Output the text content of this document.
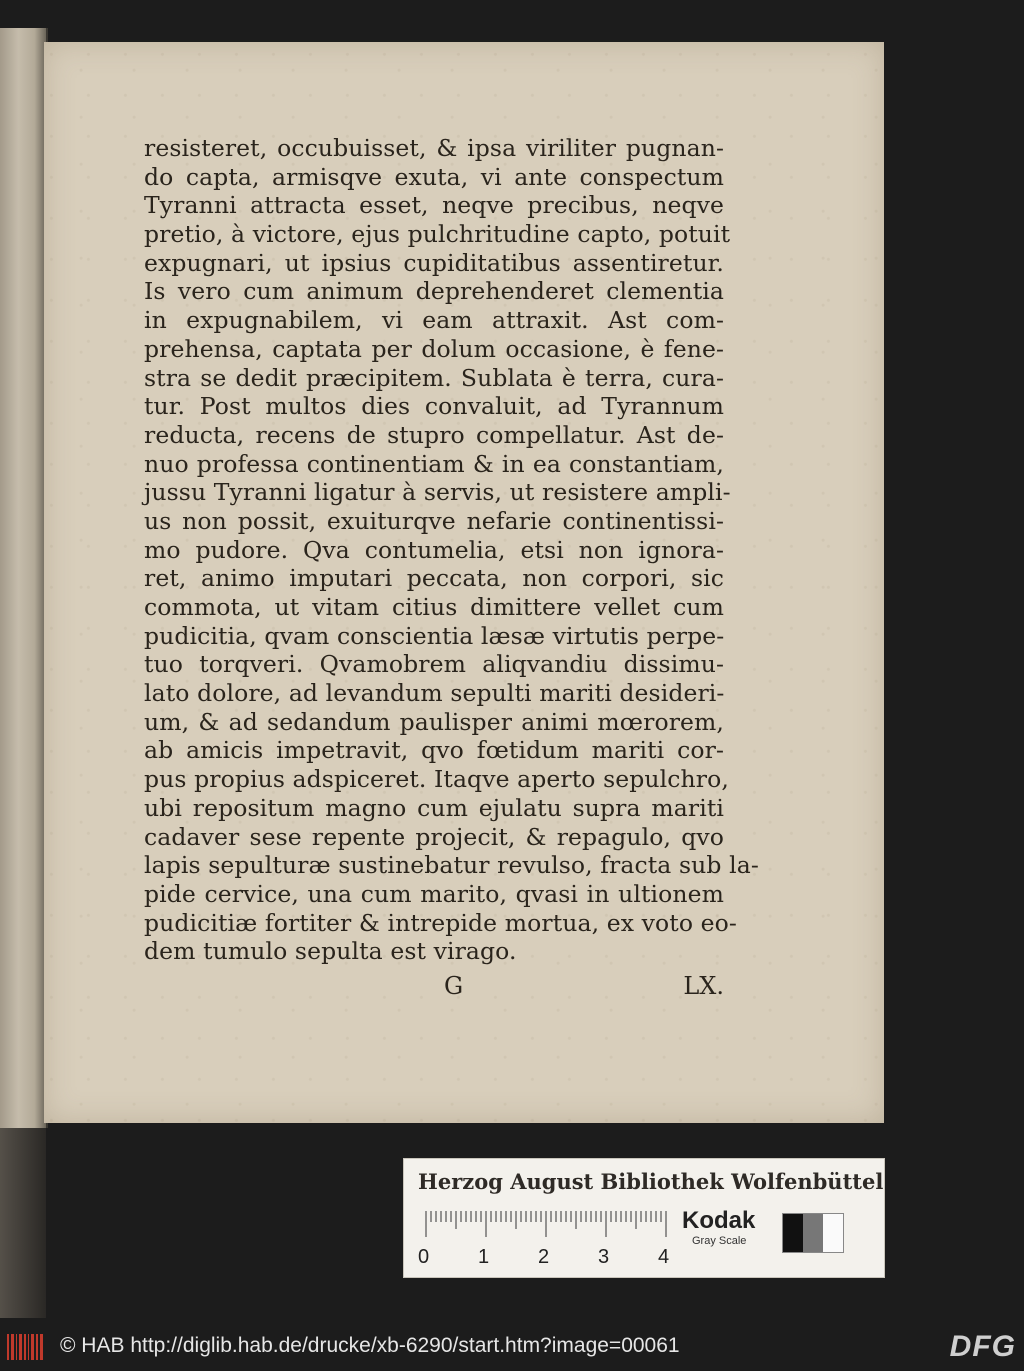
resisteret, occubuisset, & ipsa viriliter pugnan-
do capta, armisqve exuta, vi ante conspectum
Tyranni attracta esset, neqve precibus, neqve
pretio, à victore, ejus pulchritudine capto, potuit
expugnari, ut ipsius cupiditatibus assentiretur.
Is vero cum animum deprehenderet clementia
in expugnabilem, vi eam attraxit. Ast com-
prehensa, captata per dolum occasione, è fene-
stra se dedit præcipitem. Sublata è terra, cura-
tur. Post multos dies convaluit, ad Tyrannum
reducta, recens de stupro compellatur. Ast de-
nuo professa continentiam & in ea constantiam,
jussu Tyranni ligatur à servis, ut resistere ampli-
us non possit, exuiturqve nefarie continentissi-
mo pudore. Qva contumelia, etsi non ignora-
ret, animo imputari peccata, non corpori, sic
commota, ut vitam citius dimittere vellet cum
pudicitia, qvam conscientia læsæ virtutis perpe-
tuo torqveri. Qvamobrem aliqvandiu dissimu-
lato dolore, ad levandum sepulti mariti desideri-
um, & ad sedandum paulisper animi mœrorem,
ab amicis impetravit, qvo fœtidum mariti cor-
pus propius adspiceret. Itaqve aperto sepulchro,
ubi repositum magno cum ejulatu supra mariti
cadaver sese repente projecit, & repagulo, qvo
lapis sepulturæ sustinebatur revulso, fracta sub la-
pide cervice, una cum marito, qvasi in ultionem
pudicitiæ fortiter & intrepide mortua, ex voto eo-
dem tumulo sepulta est virago.
G	LX.
Herzog August Bibliothek Wolfenbüttel
0 1 2 3 4
Kodak
Gray Scale
© HAB http://diglib.hab.de/drucke/xb-6290/start.htm?image=00061	DFG
